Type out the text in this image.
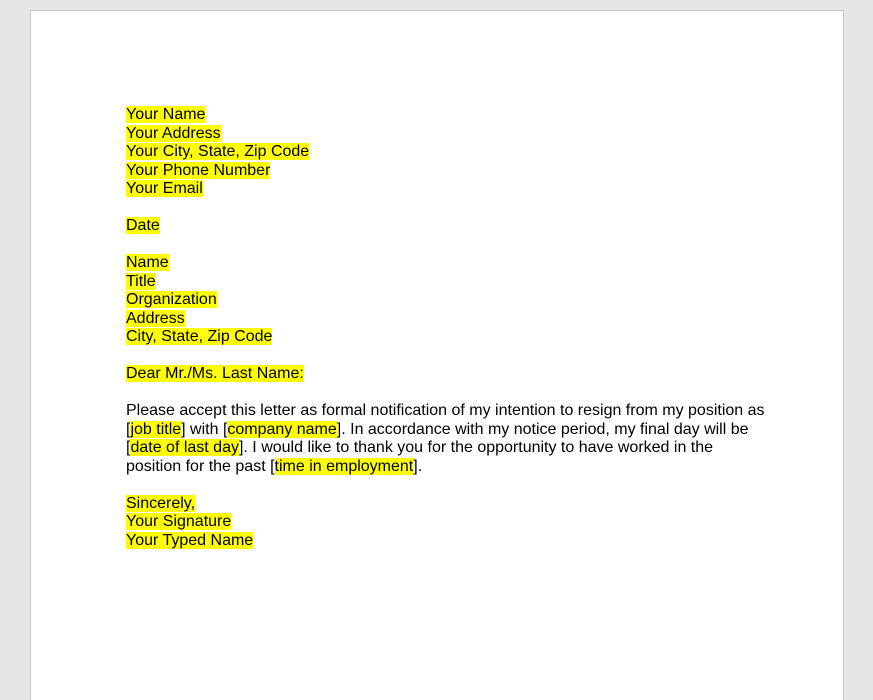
Your Name
Your Address
Your City, State, Zip Code
Your Phone Number
Your Email
Date
Name
Title
Organization
Address
City, State, Zip Code
Dear Mr./Ms. Last Name:

Please accept this letter as formal notification of my intention to resign from my position as [job title] with [company name]. In accordance with my notice period, my final day will be [date of last day]. I would like to thank you for the opportunity to have worked in the position for the past [time in employment].

Sincerely,
Your Signature
Your Typed Name
